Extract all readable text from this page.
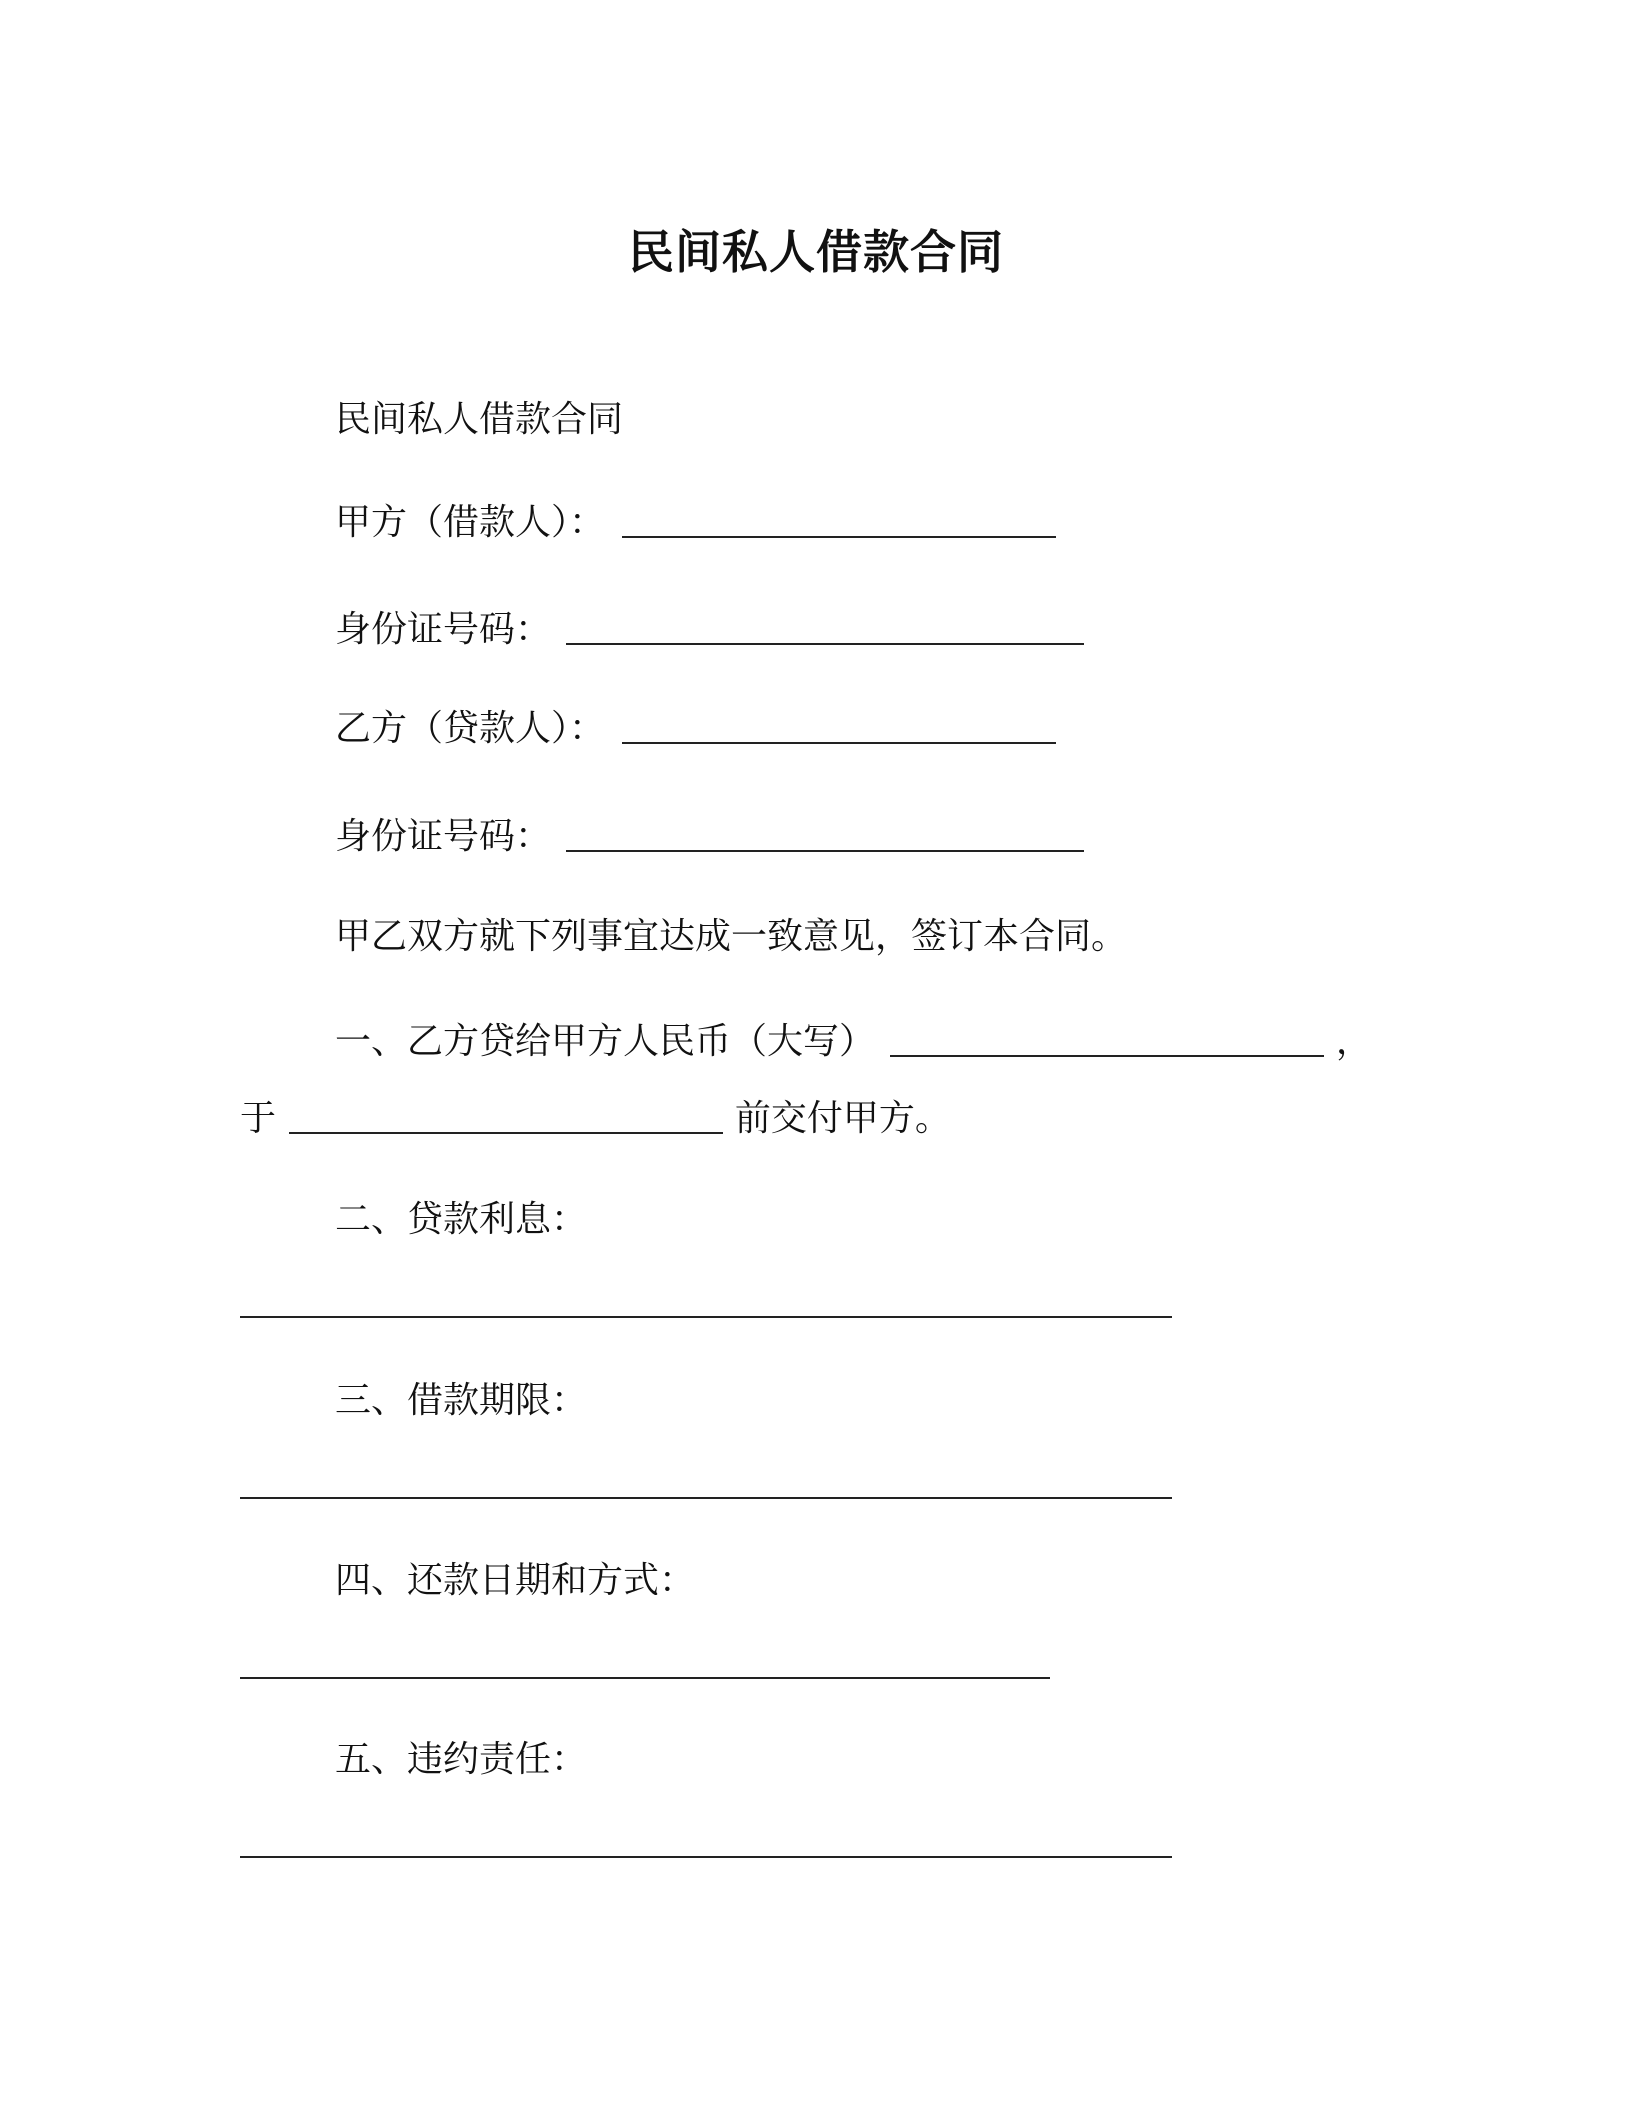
民间私人借款合同
民间私人借款合同
甲方（借款人）：
身份证号码：
乙方（贷款人）：
身份证号码：
甲乙双方就下列事宜达成一致意见，签订本合同。
一、乙方贷给甲方人民币（大写）	，
于	前交付甲方。
二、贷款利息：
三、借款期限：
四、还款日期和方式：
五、违约责任：
